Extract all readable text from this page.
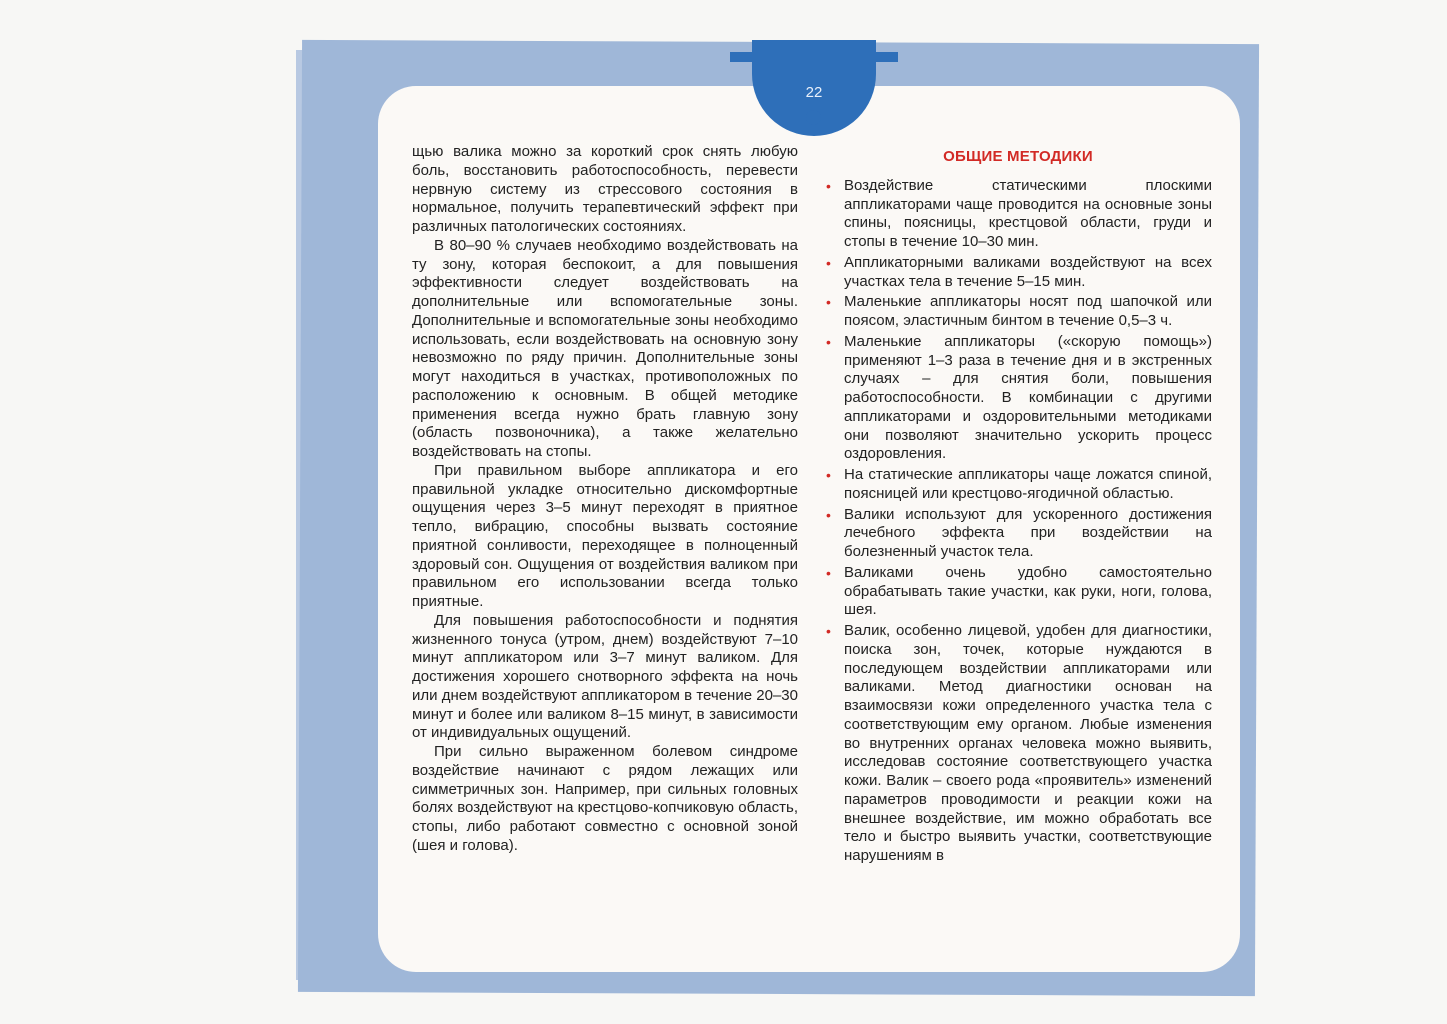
22

щью валика можно за короткий срок снять любую боль, восстановить работоспособность, перевести нервную систему из стрессового состояния в нормальное, получить терапевтический эффект при различных патологических состояниях.

В 80–90 % случаев необходимо воздействовать на ту зону, которая беспокоит, а для повышения эффективности следует воздействовать на дополнительные или вспомогательные зоны. Дополнительные и вспомогательные зоны необходимо использовать, если воздействовать на основную зону невозможно по ряду причин. Дополнительные зоны могут находиться в участках, противоположных по расположению к основным. В общей методике применения всегда нужно брать главную зону (область позвоночника), а также желательно воздействовать на стопы.

При правильном выборе аппликатора и его правильной укладке относительно дискомфортные ощущения через 3–5 минут переходят в приятное тепло, вибрацию, способны вызвать состояние приятной сонливости, переходящее в полноценный здоровый сон. Ощущения от воздействия валиком при правильном его использовании всегда только приятные.

Для повышения работоспособности и поднятия жизненного тонуса (утром, днем) воздействуют 7–10 минут аппликатором или 3–7 минут валиком. Для достижения хорошего снотворного эффекта на ночь или днем воздействуют аппликатором в течение 20–30 минут и более или валиком 8–15 минут, в зависимости от индивидуальных ощущений.

При сильно выраженном болевом синдроме воздействие начинают с рядом лежащих или симметричных зон. Например, при сильных головных болях воздействуют на крестцово-копчиковую область, стопы, либо работают совместно с основной зоной (шея и голова).

ОБЩИЕ МЕТОДИКИ
• Воздействие статическими плоскими аппликаторами чаще проводится на основные зоны спины, поясницы, крестцовой области, груди и стопы в течение 10–30 мин.
• Аппликаторными валиками воздействуют на всех участках тела в течение 5–15 мин.
• Маленькие аппликаторы носят под шапочкой или поясом, эластичным бинтом в течение 0,5–3 ч.
• Маленькие аппликаторы («скорую помощь») применяют 1–3 раза в течение дня и в экстренных случаях – для снятия боли, повышения работоспособности. В комбинации с другими аппликаторами и оздоровительными методиками они позволяют значительно ускорить процесс оздоровления.
• На статические аппликаторы чаще ложатся спиной, поясницей или крестцово-ягодичной областью.
• Валики используют для ускоренного достижения лечебного эффекта при воздействии на болезненный участок тела.
• Валиками очень удобно самостоятельно обрабатывать такие участки, как руки, ноги, голова, шея.
• Валик, особенно лицевой, удобен для диагностики, поиска зон, точек, которые нуждаются в последующем воздействии аппликаторами или валиками. Метод диагностики основан на взаимосвязи кожи определенного участка тела с соответствующим ему органом. Любые изменения во внутренних органах человека можно выявить, исследовав состояние соответствующего участка кожи. Валик – своего рода «проявитель» изменений параметров проводимости и реакции кожи на внешнее воздействие, им можно обработать все тело и быстро выявить участки, соответствующие нарушениям в
